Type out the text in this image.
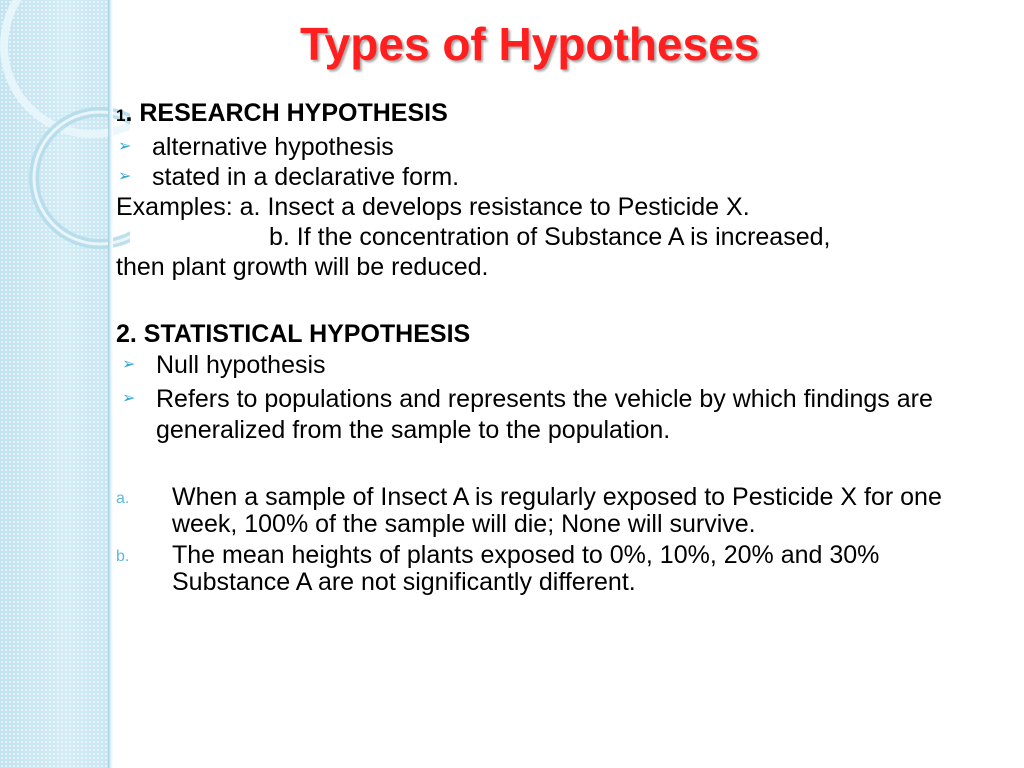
Types of Hypotheses
1. RESEARCH HYPOTHESIS
➢ alternative hypothesis
➢ stated in a declarative form.
Examples: a. Insect a develops resistance to Pesticide X.
b. If the concentration of Substance A is increased,
then plant growth will be reduced.
2. STATISTICAL HYPOTHESIS
➢ Null hypothesis
➢ Refers to populations and represents the vehicle by which findings are generalized from the sample to the population.
a. When a sample of Insect A is regularly exposed to Pesticide X for one week, 100% of the sample will die; None will survive.
b. The mean heights of plants exposed to 0%, 10%, 20% and 30% Substance A are not significantly different.
